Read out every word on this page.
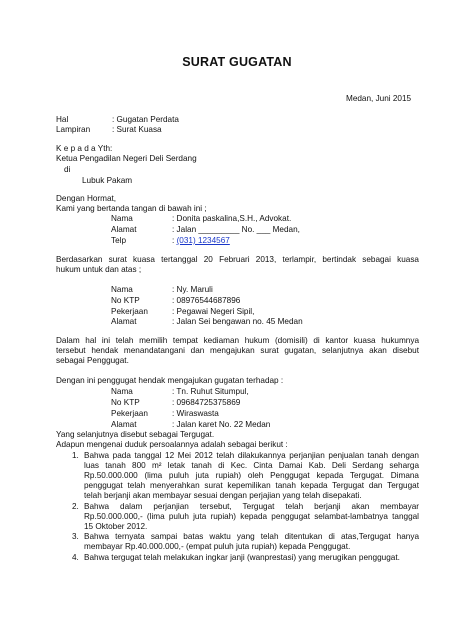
SURAT GUGATAN
Medan, Juni 2015
Hal	: Gugatan Perdata
Lampiran	: Surat Kuasa
K e p a d a Yth:
Ketua Pengadilan Negeri Deli Serdang
di
Lubuk Pakam
Dengan Hormat,
Kami yang bertanda tangan di bawah ini ;
Nama	: Donita paskalina,S.H., Advokat.
Alamat	: Jalan _________ No. ___ Medan,
Telp	: (031) 1234567
Berdasarkan surat kuasa tertanggal 20 Februari 2013, terlampir, bertindak sebagai kuasa
hukum untuk dan atas ;
Nama	: Ny. Maruli
No KTP	: 08976544687896
Pekerjaan	: Pegawai Negeri Sipil,
Alamat	: Jalan Sei bengawan no. 45 Medan
Dalam hal ini telah memilih tempat kediaman hukum (domisili) di kantor kuasa hukumnya
tersebut hendak menandatangani dan mengajukan surat gugatan, selanjutnya akan disebut
sebagai Penggugat.
Dengan ini penggugat hendak mengajukan gugatan terhadap :
Nama	: Tn. Ruhut Situmpul,
No KTP	: 09684725375869
Pekerjaan	: Wiraswasta
Alamat	: Jalan karet No. 22 Medan
Yang selanjutnya disebut sebagai Tergugat.
Adapun mengenai duduk persoalannya adalah sebagai berikut :
1. Bahwa pada tanggal 12 Mei 2012 telah dilakukannya perjanjian penjualan tanah dengan
luas tanah 800 m² letak tanah di Kec. Cinta Damai Kab. Deli Serdang seharga
Rp.50.000.000 (lima puluh juta rupiah) oleh Penggugat kepada Tergugat. Dimana
penggugat telah menyerahkan surat kepemilikan tanah kepada Tergugat dan Tergugat
telah berjanji akan membayar sesuai dengan perjajian yang telah disepakati.
2. Bahwa dalam perjanjian tersebut, Tergugat telah berjanji akan membayar
Rp.50.000.000,- (lima puluh juta rupiah) kepada penggugat selambat-lambatnya tanggal
15 Oktober 2012.
3. Bahwa ternyata sampai batas waktu yang telah ditentukan di atas,Tergugat hanya
membayar Rp.40.000.000,- (empat puluh juta rupiah) kepada Penggugat.
4. Bahwa tergugat telah melakukan ingkar janji (wanprestasi) yang merugikan penggugat.
